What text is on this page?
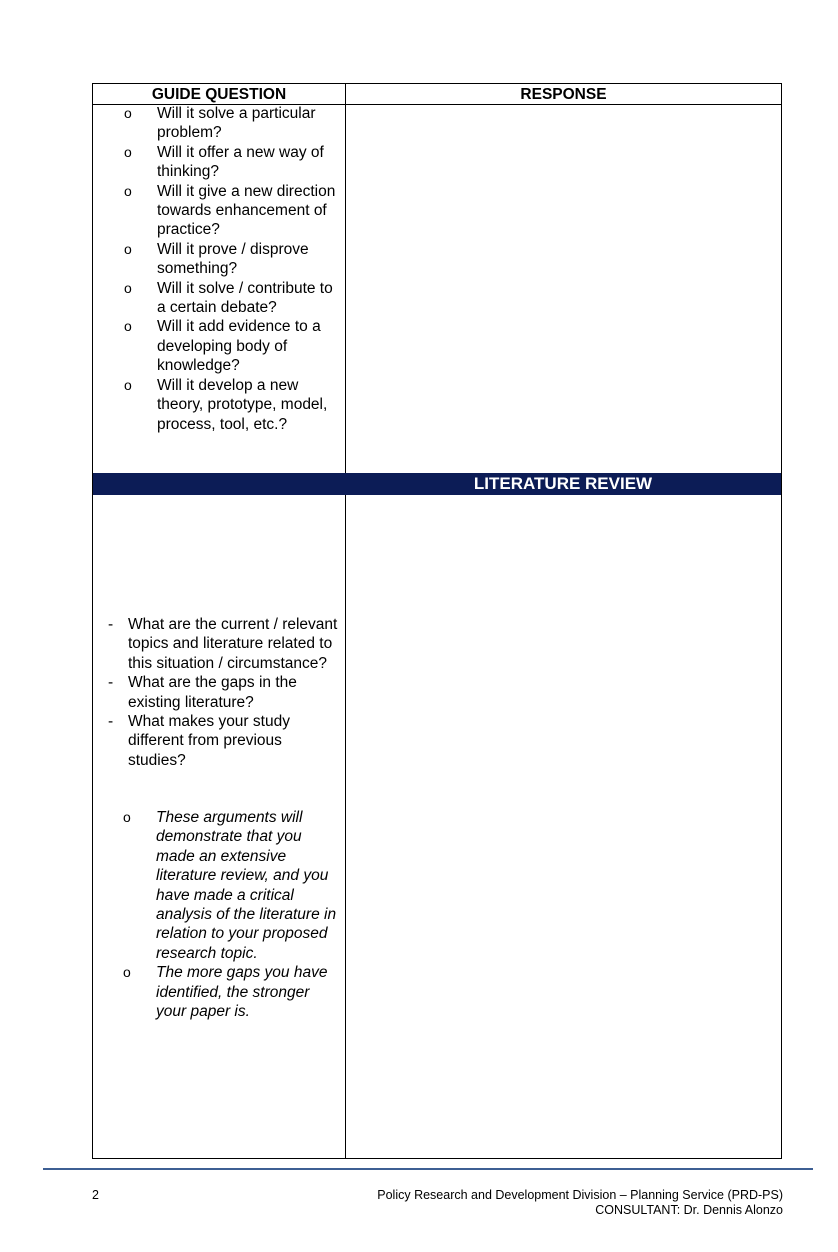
GUIDE QUESTION	RESPONSE
o Will it solve a particular problem?
o Will it offer a new way of thinking?
o Will it give a new direction towards enhancement of practice?
o Will it prove / disprove something?
o Will it solve / contribute to a certain debate?
o Will it add evidence to a developing body of knowledge?
o Will it develop a new theory, prototype, model, process, tool, etc.?
LITERATURE REVIEW
- What are the current / relevant topics and literature related to this situation / circumstance?
- What are the gaps in the existing literature?
- What makes your study different from previous studies?
o These arguments will demonstrate that you made an extensive literature review, and you have made a critical analysis of the literature in relation to your proposed research topic.
o The more gaps you have identified, the stronger your paper is.
2	Policy Research and Development Division – Planning Service (PRD-PS)
CONSULTANT: Dr. Dennis Alonzo
